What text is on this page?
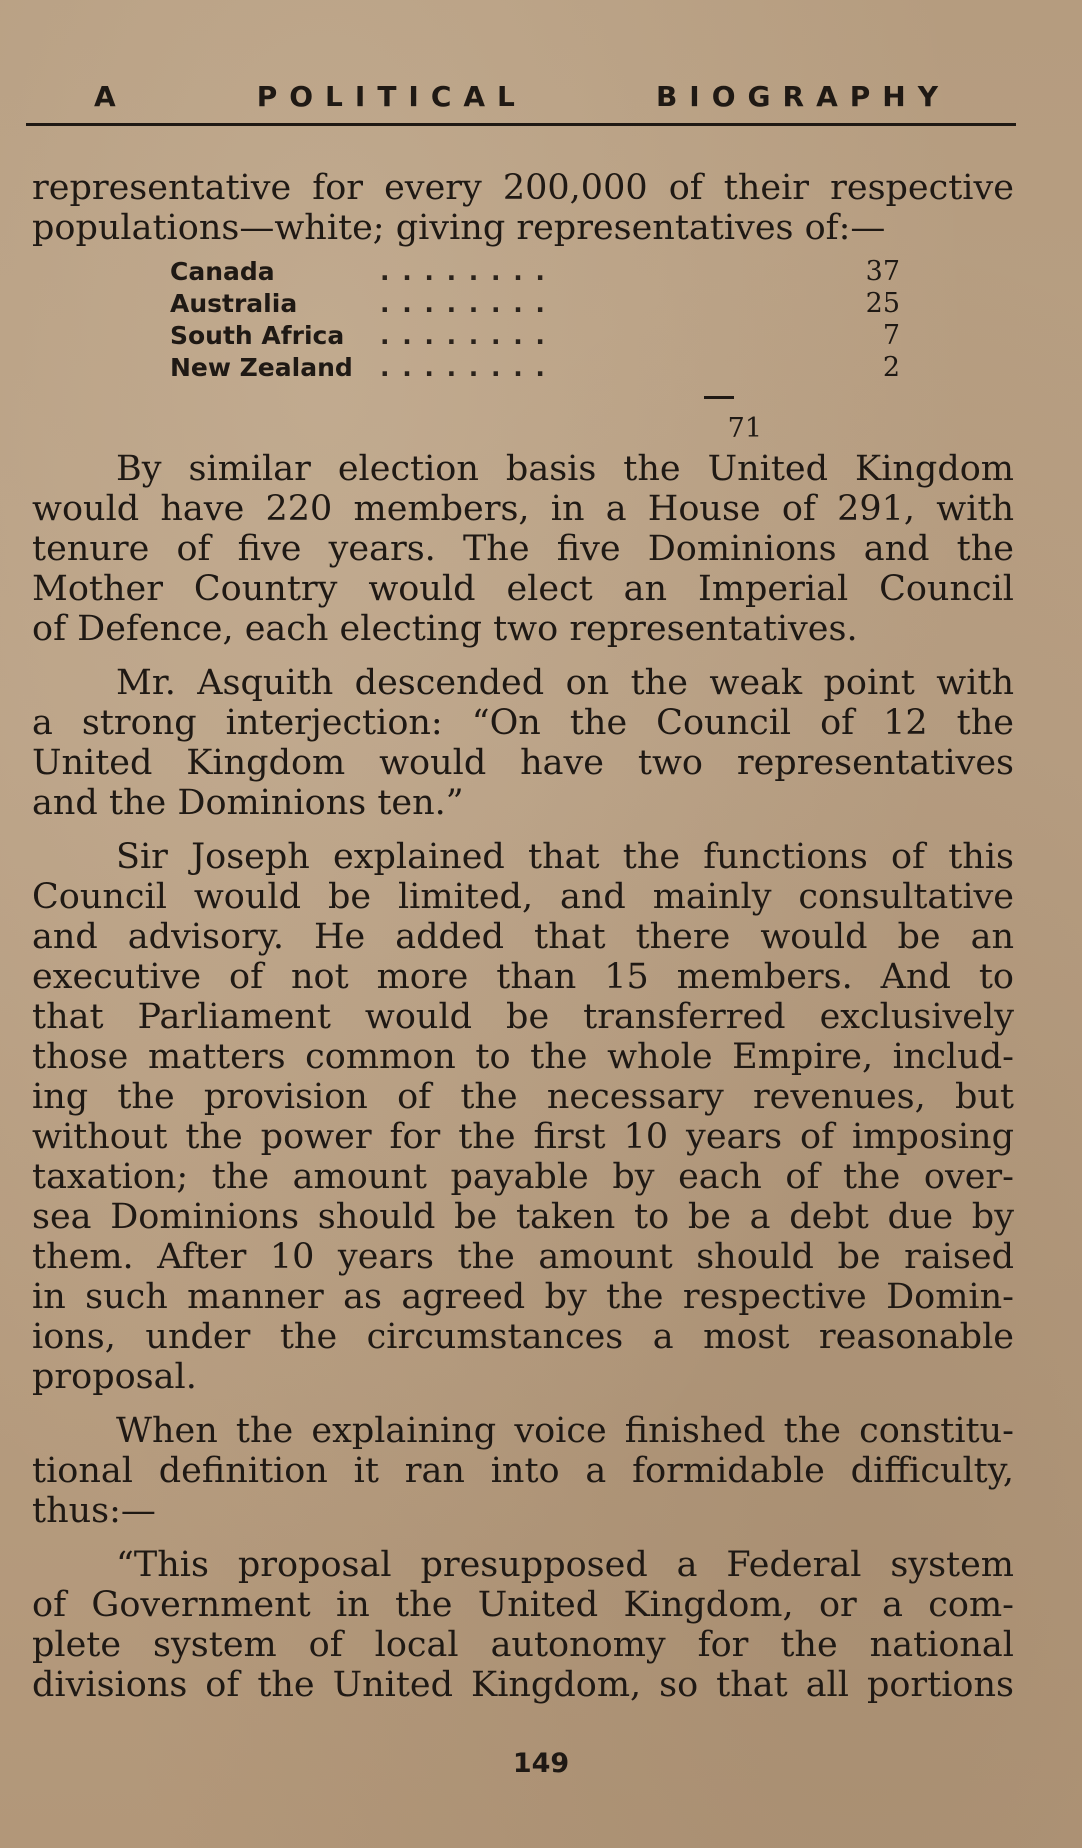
A	POLITICAL	BIOGRAPHY
representative for every 200,000 of their respective
populations—white; giving representatives of:—
Canada	. . . . . . . .	37
Australia	. . . . . . . .	25
South Africa	. . . . . . . .	7
New Zealand	. . . . . . . .	2
71
By similar election basis the United Kingdom
would have 220 members, in a House of 291, with
tenure of five years. The five Dominions and the
Mother Country would elect an Imperial Council
of Defence, each electing two representatives.
Mr. Asquith descended on the weak point with
a strong interjection: “On the Council of 12 the
United Kingdom would have two representatives
and the Dominions ten.”
Sir Joseph explained that the functions of this
Council would be limited, and mainly consultative
and advisory. He added that there would be an
executive of not more than 15 members. And to
that Parliament would be transferred exclusively
those matters common to the whole Empire, includ-
ing the provision of the necessary revenues, but
without the power for the first 10 years of imposing
taxation; the amount payable by each of the over-
sea Dominions should be taken to be a debt due by
them. After 10 years the amount should be raised
in such manner as agreed by the respective Domin-
ions, under the circumstances a most reasonable
proposal.
When the explaining voice finished the constitu-
tional definition it ran into a formidable difficulty,
thus:—
“This proposal presupposed a Federal system
of Government in the United Kingdom, or a com-
plete system of local autonomy for the national
divisions of the United Kingdom, so that all portions
149
